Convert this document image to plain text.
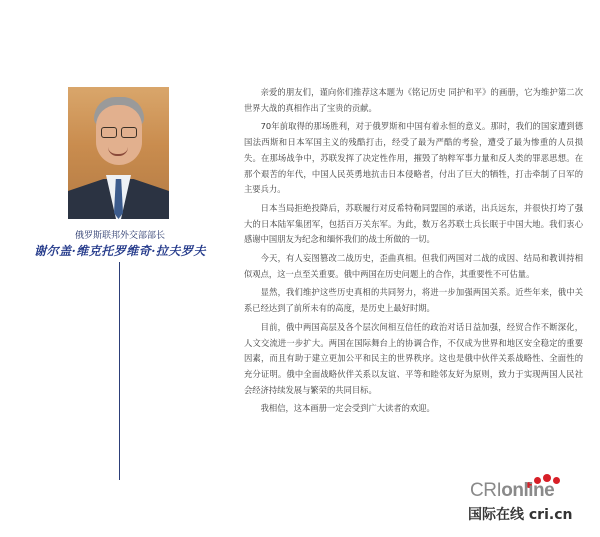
俄罗斯联邦外交部部长
谢尔盖·维克托罗维奇·拉夫罗夫

亲爱的朋友们，谨向你们推荐这本题为《铭记历史 同护和平》的画册，它为维护第二次世界大战的真相作出了宝贵的贡献。

70年前取得的那场胜利，对于俄罗斯和中国有着永恒的意义。那时，我们的国家遭到德国法西斯和日本军国主义的残酷打击，经受了最为严酷的考验，遭受了最为惨重的人员损失。在那场战争中，苏联发挥了决定性作用，摧毁了纳粹军事力量和反人类的罪恶思想。在那个艰苦的年代，中国人民英勇地抗击日本侵略者，付出了巨大的牺牲，打击牵制了日军的主要兵力。

日本当局拒绝投降后，苏联履行对反希特勒同盟国的承诺，出兵远东，并很快打垮了强大的日本陆军集团军，包括百万关东军。为此，数万名苏联士兵长眠于中国大地。我们衷心感谢中国朋友为纪念和缅怀我们的战士所做的一切。

今天，有人妄图篡改二战历史，歪曲真相。但我们两国对二战的成因、结局和教训持相似观点，这一点至关重要。俄中两国在历史问题上的合作，其重要性不可估量。

显然，我们维护这些历史真相的共同努力，将进一步加强两国关系。近些年来，俄中关系已经达到了前所未有的高度，是历史上最好时期。

目前，俄中两国高层及各个层次间相互信任的政治对话日益加强，经贸合作不断深化，人文交流进一步扩大。两国在国际舞台上的协调合作，不仅成为世界和地区安全稳定的重要因素，而且有助于建立更加公平和民主的世界秩序。这也是俄中伙伴关系战略性、全面性的充分证明。俄中全面战略伙伴关系以友谊、平等和睦邻友好为原则，致力于实现两国人民社会经济持续发展与繁荣的共同目标。

我相信，这本画册一定会受到广大读者的欢迎。

CRIonline
国际在线 cri.cn
